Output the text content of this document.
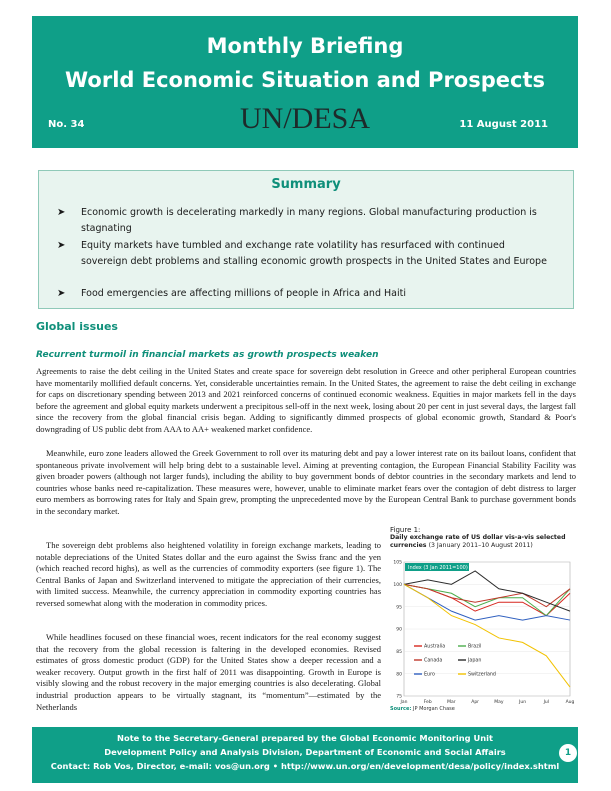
Monthly Briefing
World Economic Situation and Prospects
No. 34	UN/DESA	11 August 2011
Summary
➤ Economic growth is decelerating markedly in many regions. Global manufacturing production is stagnating
➤ Equity markets have tumbled and exchange rate volatility has resurfaced with continued sovereign debt problems and stalling economic growth prospects in the United States and Europe
➤ Food emergencies are affecting millions of people in Africa and Haiti
Global issues
Recurrent turmoil in financial markets as growth prospects weaken
Agreements to raise the debt ceiling in the United States and create space for sovereign debt resolution in Greece and other peripheral European countries have momentarily mollified default concerns. Yet, considerable uncertainties remain. In the United States, the agreement to raise the debt ceiling in exchange for caps on discretionary spending between 2013 and 2021 reinforced concerns of continued economic weakness. Equities in major markets fell in the days before the agreement and global equity markets underwent a precipitous sell-off in the next week, losing about 20 per cent in just several days, the largest fall since the recovery from the global financial crisis began. Adding to significantly dimmed prospects of global economic growth, Standard & Poor's downgrading of US public debt from AAA to AA+ weakened market confidence.
Meanwhile, euro zone leaders allowed the Greek Government to roll over its maturing debt and pay a lower interest rate on its bailout loans, confident that spontaneous private involvement will help bring debt to a sustainable level. Aiming at preventing contagion, the European Financial Stability Facility was given broader powers (although not larger funds), including the ability to buy government bonds of debtor countries in the secondary markets and lend to countries whose banks need re-capitalization. These measures were, however, unable to eliminate market fears over the contagion of debt distress to larger euro members as borrowing rates for Italy and Spain grew, prompting the unprecedented move by the European Central Bank to purchase government bonds in the secondary market.
The sovereign debt problems also heightened volatility in foreign exchange markets, leading to notable depreciations of the United States dollar and the euro against the Swiss franc and the yen (which reached record highs), as well as the currencies of commodity exporters (see figure 1). The Central Banks of Japan and Switzerland intervened to mitigate the appreciation of their currencies, with limited success. Meanwhile, the currency appreciation in commodity exporting countries has reversed somewhat along with the moderation in commodity prices.
While headlines focused on these financial woes, recent indicators for the real economy suggest that the recovery from the global recession is faltering in the developed economies. Revised estimates of gross domestic product (GDP) for the United States show a deeper recession and a weaker recovery. Output growth in the first half of 2011 was disappointing. Growth in Europe is visibly slowing and the robust recovery in the major emerging countries is also decelerating. Global industrial production appears to be virtually stagnant, its “momentum”—estimated by the Netherlands
Figure 1:
Daily exchange rate of US dollar vis-a-vis selected currencies (3 January 2011–10 August 2011)
Index (3 Jan 2011=100)
75
80
85
90
95
100
105
Jan	Feb	Mar	Apr	May	Jun	Jul	Aug
Australia	Brazil
Canada	Japan
Euro	Switzerland
Source: JP Morgan Chase
Note to the Secretary-General prepared by the Global Economic Monitoring Unit
Development Policy and Analysis Division, Department of Economic and Social Affairs
Contact: Rob Vos, Director, e-mail: vos@un.org • http://www.un.org/en/development/desa/policy/index.shtml
1
